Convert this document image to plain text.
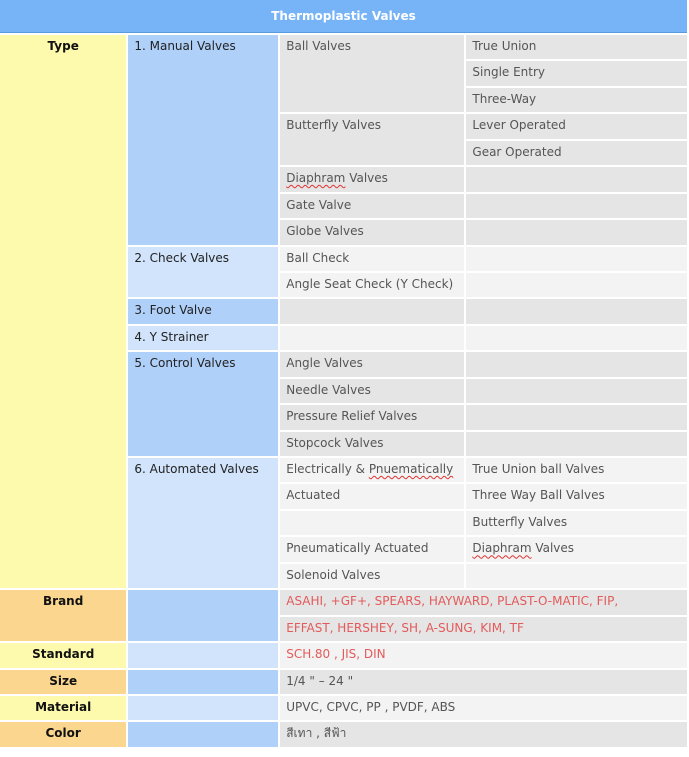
Thermoplastic Valves			
Type	1. Manual Valves	Ball Valves	True Union
			Single Entry
			Three-Way
		Butterfly Valves	Lever Operated
			Gear Operated
		Diaphram Valves	
		Gate Valve	
		Globe Valves	
	2. Check Valves	Ball Check	
		Angle Seat Check (Y Check)	
	3. Foot Valve		
	4. Y Strainer		
	5. Control Valves	Angle Valves	
		Needle Valves	
		Pressure Relief Valves	
		Stopcock Valves	
	6. Automated Valves	Electrically & Pnuematically	True Union ball Valves
		Actuated	Three Way Ball Valves
			Butterfly Valves
		Pneumatically Actuated	Diaphram Valves
		Solenoid Valves	
Brand		ASAHI, +GF+, SPEARS, HAYWARD, PLAST-O-MATIC, FIP,	
		EFFAST, HERSHEY, SH, A-SUNG, KIM, TF	
Standard		SCH.80 , JIS, DIN	
Size		1/4 " – 24 "	
Material		UPVC, CPVC, PP , PVDF, ABS	
Color		สีเทา , สีฟ้า	
